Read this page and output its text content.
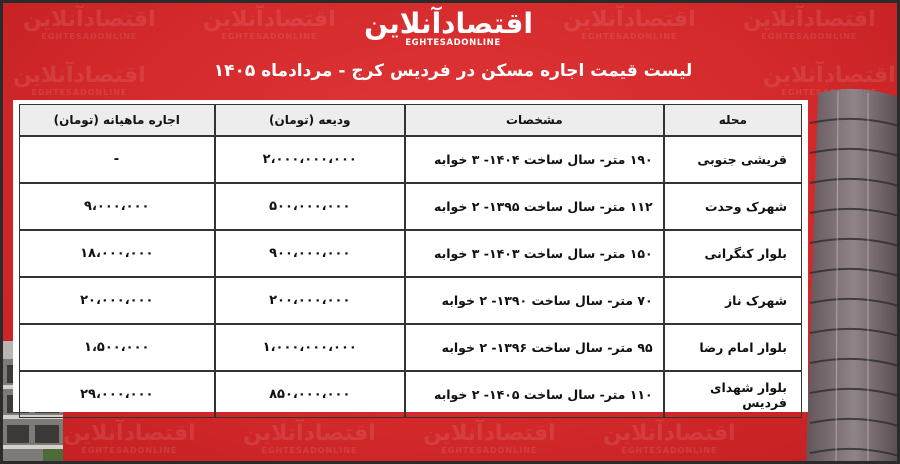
اقتصادآنلاین
EGHTESADONLINE
اقتصادآنلاین
EGHTESADONLINE
اقتصادآنلاین
EGHTESADONLINE
اقتصادآنلاین
EGHTESADONLINE
اقتصادآنلاین
اقتصادآنلاین
EGHTESADONLINE
اقتصادآنلاین
EGHTESADONLINE
اقتصادآنلاین
EGHTESADONLINE
اقتصادآنلاین
EGHTESADONLINE
اقتصادآنلاین
EGHTESADONLINE
اقتصادآنلاین
EGHTESADONLINE
لیست قیمت اجاره مسکن در فردیس کرج - مردادماه ۱۴۰۵
محله	مشخصات	ودیعه (تومان)	اجاره ماهیانه (تومان)
قریشی جنوبی	۱۹۰ متر- سال ساخت ۱۴۰۴- ۳ خوابه	۲،۰۰۰،۰۰۰،۰۰۰	-
شهرک وحدت	۱۱۲ متر- سال ساخت ۱۳۹۵- ۲ خوابه	۵۰۰،۰۰۰،۰۰۰	۹،۰۰۰،۰۰۰
بلوار کنگرانی	۱۵۰ متر- سال ساخت ۱۴۰۳- ۳ خوابه	۹۰۰،۰۰۰،۰۰۰	۱۸،۰۰۰،۰۰۰
شهرک ناز	۷۰ متر- سال ساخت ۱۳۹۰- ۲ خوابه	۲۰۰،۰۰۰،۰۰۰	۲۰،۰۰۰،۰۰۰
بلوار امام رضا	۹۵ متر- سال ساخت ۱۳۹۶- ۲ خوابه	۱،۰۰۰،۰۰۰،۰۰۰	۱،۵۰۰،۰۰۰
بلوار شهدای فردیس	۱۱۰ متر- سال ساخت ۱۴۰۵- ۲ خوابه	۸۵۰،۰۰۰،۰۰۰	۲۹،۰۰۰،۰۰۰
